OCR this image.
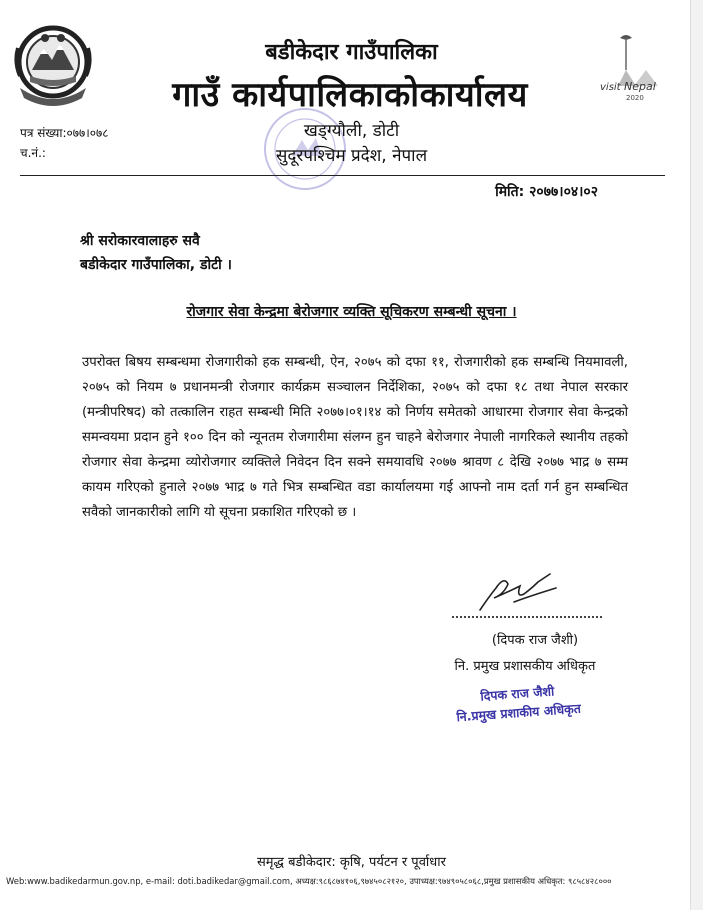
visit Nepal
2020
बडीकेदार गाउँपालिका
गाउँ कार्यपालिकाकोकार्यालय
खड्ग्यौली, डोटी
सुदूरपश्चिम प्रदेश, नेपाल
पत्र संख्या:०७७।०७८
च.नं.:
मिति: २०७७।०४।०२
श्री सरोकारवालाहरु सवै
बडीकेदार गाउँपालिका, डोटी ।
रोजगार सेवा केन्द्रमा बेरोजगार व्यक्ति सूचिकरण सम्बन्धी सूचना ।
उपरोक्त बिषय सम्बन्धमा रोजगारीको हक सम्बन्धी, ऐन, २०७५ को दफा ११, रोजगारीको हक सम्बन्धि नियमावली, २०७५ को नियम ७ प्रधानमन्त्री रोजगार कार्यक्रम सञ्चालन निर्देशिका, २०७५ को दफा १८ तथा नेपाल सरकार (मन्त्रीपरिषद) को तत्कालिन राहत सम्बन्धी मिति २०७७।०१।१४ को निर्णय समेतको आधारमा रोजगार सेवा केन्द्रको समन्वयमा प्रदान हुने १०० दिन को न्यूनतम रोजगारीमा संलग्न हुन चाहने बेरोजगार नेपाली नागरिकले स्थानीय तहको रोजगार सेवा केन्द्रमा व्योरोजगार व्यक्तिले निवेदन दिन सक्ने समयावधि २०७७ श्रावण ८ देखि २०७७ भाद्र ७ सम्म कायम गरिएको हुनाले २०७७ भाद्र ७ गते भित्र सम्बन्धित वडा कार्यालयमा गई आफ्नो नाम दर्ता गर्न हुन सम्बन्धित सवैको जानकारीको लागि यो सूचना प्रकाशित गरिएको छ ।
(दिपक राज जैशी)
नि. प्रमुख प्रशासकीय अधिकृत
दिपक राज जैशी
नि.प्रमुख प्रशाकीय अधिकृत
समृद्ध बडीकेदार: कृषि, पर्यटन र पूर्वाधार
Web:www.badikedarmun.gov.np, e-mail: doti.badikedar@gmail.com, अध्यक्ष:९८६८७४१०६,९७४५०८२१२०, उपाध्यक्ष:९७४९०५८०६८,प्रमुख प्रशासकीय अधिकृत: ९८५८४२८०००
